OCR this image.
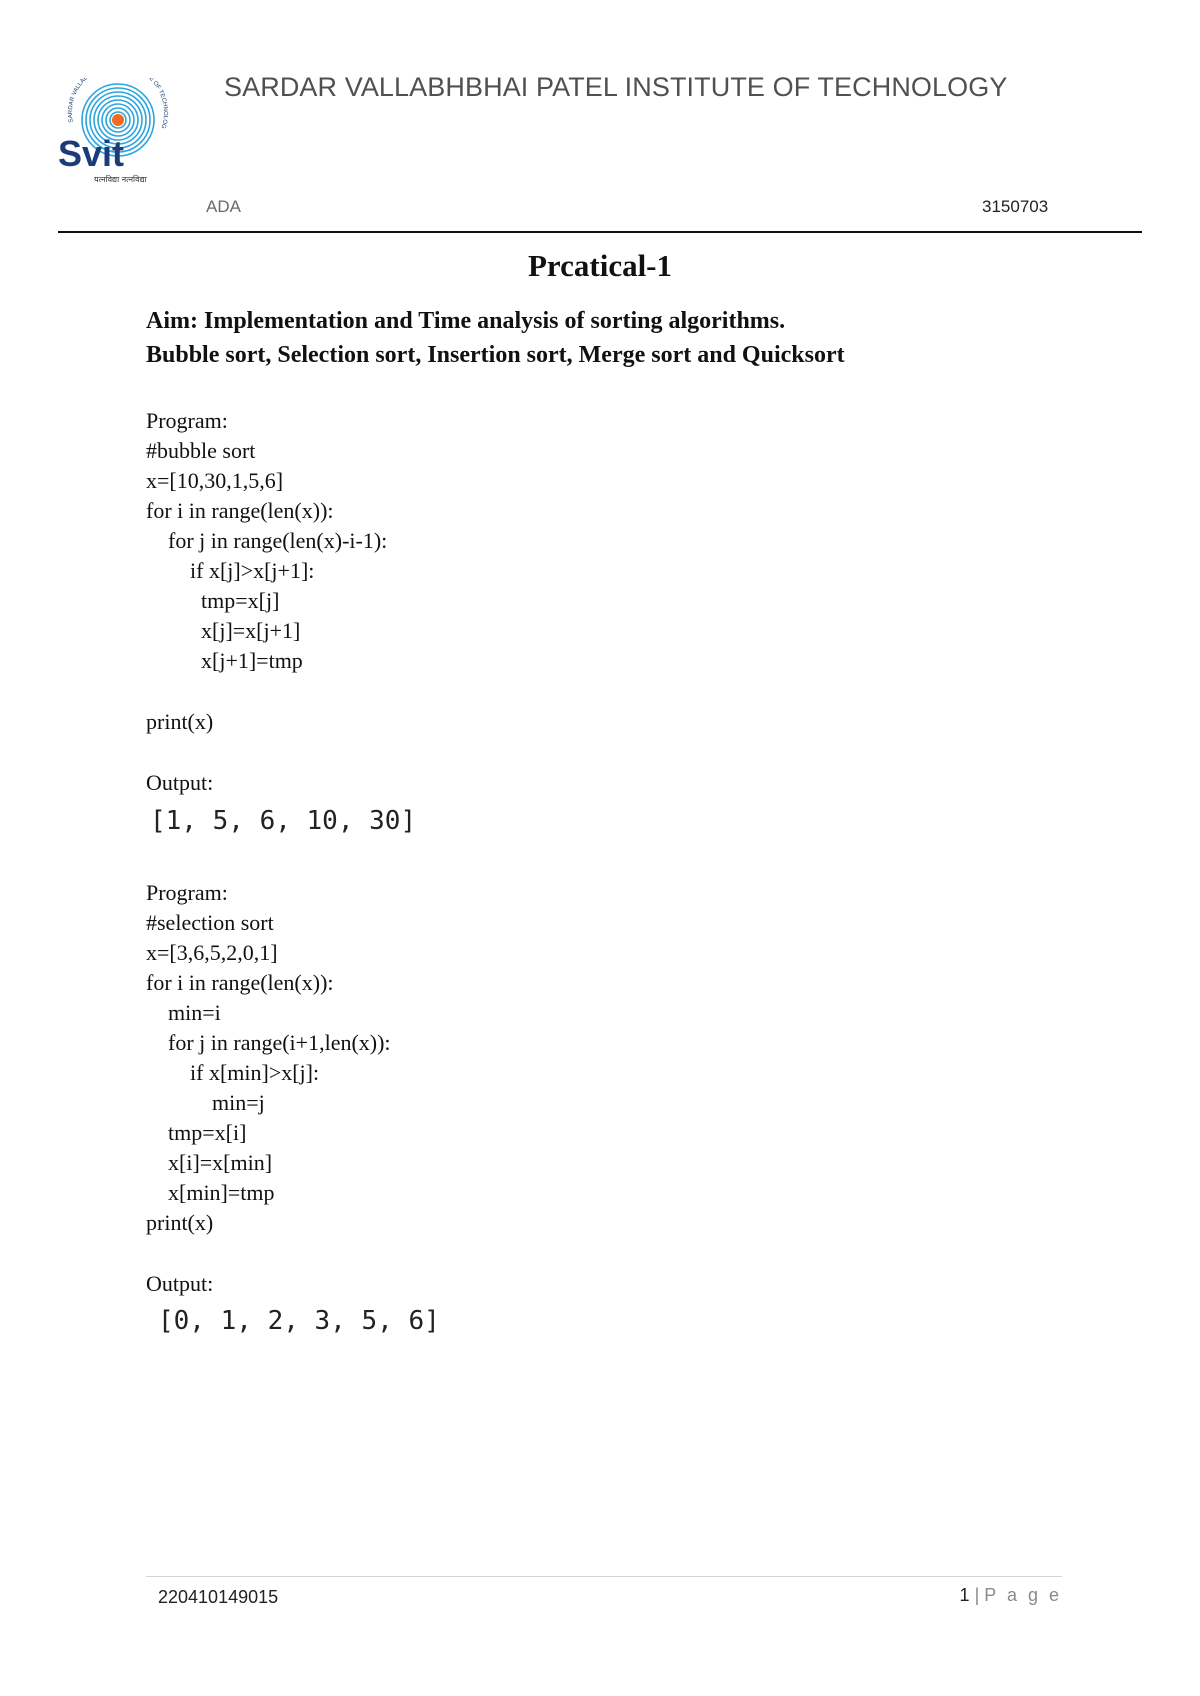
SARDAR VALLAB E OF TECHNOLOG
Svit
यत्नविद्या नत्नविद्या
SARDAR VALLABHBHAI PATEL INSTITUTE OF TECHNOLOGY
ADA	3150703
Prcatical-1
Aim: Implementation and Time analysis of sorting algorithms.
Bubble sort, Selection sort, Insertion sort, Merge sort and Quicksort
Program:
#bubble sort
x=[10,30,1,5,6]
for i in range(len(x)):
for j in range(len(x)-i-1):
if x[j]>x[j+1]:
tmp=x[j]
x[j]=x[j+1]
x[j+1]=tmp
print(x)
Output:
[1, 5, 6, 10, 30]
Program:
#selection sort
x=[3,6,5,2,0,1]
for i in range(len(x)):
min=i
for j in range(i+1,len(x)):
if x[min]>x[j]:
min=j
tmp=x[i]
x[i]=x[min]
x[min]=tmp
print(x)
Output:
[0, 1, 2, 3, 5, 6]
220410149015	1 | P a g e
